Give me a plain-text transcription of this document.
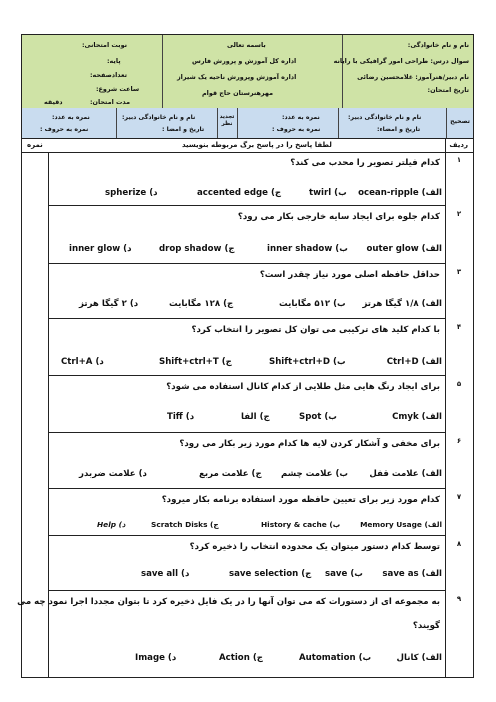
نام و نام خانوادگی:
سوال درس: طراحی امور گرافیکی با رایانه
نام دبیر/هنرآموز: غلامحسین رضائی
تاریخ امتحان:
باسمه تعالی
اداره کل آموزش و پرورش فارس
اداره آموزش وپرورش ناحیه یک شیراز
مهرهنرستان حاج قوام
نوبت امتحانی:
پایه:
تعدادصفحه:
ساعت شروع:
مدت امتحان:
دقیقه
تصحیح
نام و نام خانوادگی دبیر:
تاریخ و امضاء:
نمره به عدد:
نمره به حروف :
تجدید نظر
نام و نام خانوادگی دبیر:
تاریخ و امضا :
نمره به عدد:
نمره به حروف :
ردیف
لطفا پاسخ را در پاسخ برگ مربوطه بنویسید
نمره
۱
کدام فیلتر تصویر را محدب می کند؟
الف) ocean-ripple
ب) twirl
ج) accented edge
د) spherize
۲
کدام جلوه برای ایجاد سایه خارجی بکار می رود؟
الف) outer glow
ب) inner shadow
ج) drop shadow
د) inner glow
۳
حداقل حافظه اصلی مورد نیاز چقدر است؟
الف) ۱/۸ گیگا هرتز
ب) ۵۱۲ مگابایت
ج) ۱۲۸ مگابایت
د) ۲ گیگا هرتز
۴
با کدام کلید های ترکیبی می توان کل تصویر را انتخاب کرد؟
الف) Ctrl+D
ب) Shift+ctrl+D
ج) Shift+ctrl+T
د) Ctrl+A
۵
برای ایجاد رنگ هایی مثل طلایی از کدام کانال استفاده می شود؟
الف) Cmyk
ب) Spot
ج) الفا
د) Tiff
۶
برای مخفی و آشکار کردن لایه ها کدام مورد زیر بکار می رود؟
الف) علامت قفل
ب) علامت چشم
ج) علامت مربع
د) علامت ضربدر
۷
کدام مورد زیر برای تعیین حافظه مورد استفاده برنامه بکار میرود؟
الف) Memory Usage
ب) History & cache
ج) Scratch Disks
د) Help
۸
توسط کدام دستور میتوان یک محدوده انتخاب را ذخیره کرد؟
الف) save as
ب) save
ج) save selection
د) save all
۹
به مجموعه ای از دستورات که می توان آنها را در یک فایل ذخیره کرد تا بتوان مجددا اجرا نمود چه می
گویند؟
الف) کانال
ب) Automation
ج) Action
د) Image
